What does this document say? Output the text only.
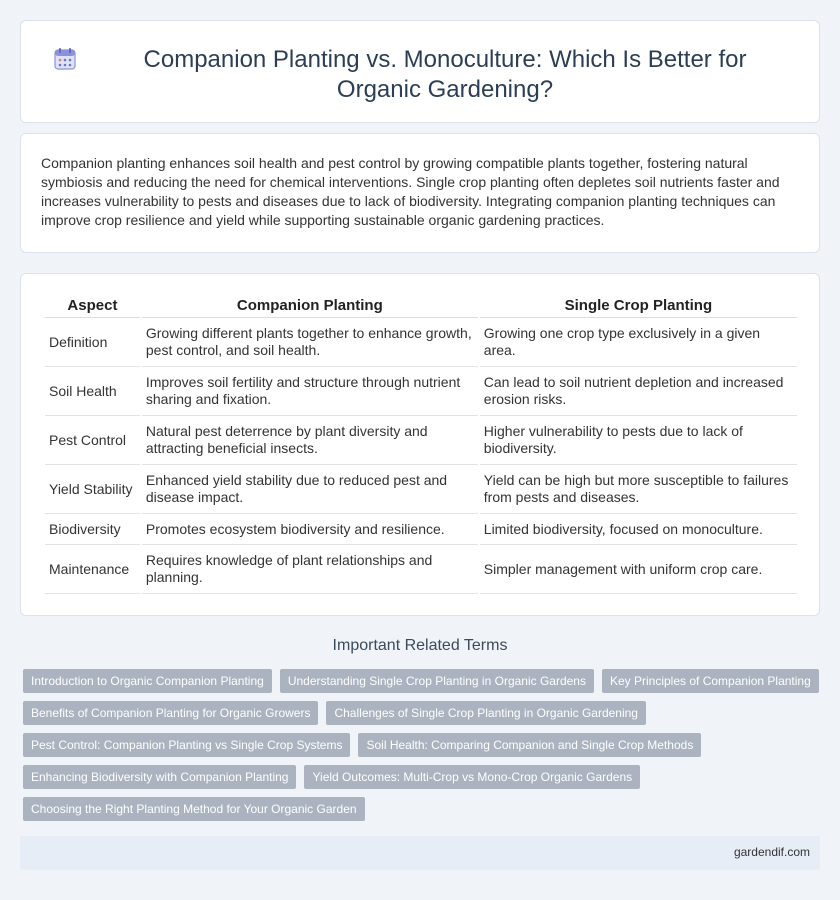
Companion Planting vs. Monoculture: Which Is Better for Organic Gardening?

Companion planting enhances soil health and pest control by growing compatible plants together, fostering natural symbiosis and reducing the need for chemical interventions. Single crop planting often depletes soil nutrients faster and increases vulnerability to pests and diseases due to lack of biodiversity. Integrating companion planting techniques can improve crop resilience and yield while supporting sustainable organic gardening practices.

Aspect	Companion Planting	Single Crop Planting
Definition	Growing different plants together to enhance growth, pest control, and soil health.	Growing one crop type exclusively in a given area.
Soil Health	Improves soil fertility and structure through nutrient sharing and fixation.	Can lead to soil nutrient depletion and increased erosion risks.
Pest Control	Natural pest deterrence by plant diversity and attracting beneficial insects.	Higher vulnerability to pests due to lack of biodiversity.
Yield Stability	Enhanced yield stability due to reduced pest and disease impact.	Yield can be high but more susceptible to failures from pests and diseases.
Biodiversity	Promotes ecosystem biodiversity and resilience.	Limited biodiversity, focused on monoculture.
Maintenance	Requires knowledge of plant relationships and planning.	Simpler management with uniform crop care.
Important Related Terms
Introduction to Organic Companion Planting	Understanding Single Crop Planting in Organic Gardens	Key Principles of Companion Planting
Benefits of Companion Planting for Organic Growers	Challenges of Single Crop Planting in Organic Gardening
Pest Control: Companion Planting vs Single Crop Systems	Soil Health: Comparing Companion and Single Crop Methods
Enhancing Biodiversity with Companion Planting	Yield Outcomes: Multi-Crop vs Mono-Crop Organic Gardens
Choosing the Right Planting Method for Your Organic Garden
gardendif.com
